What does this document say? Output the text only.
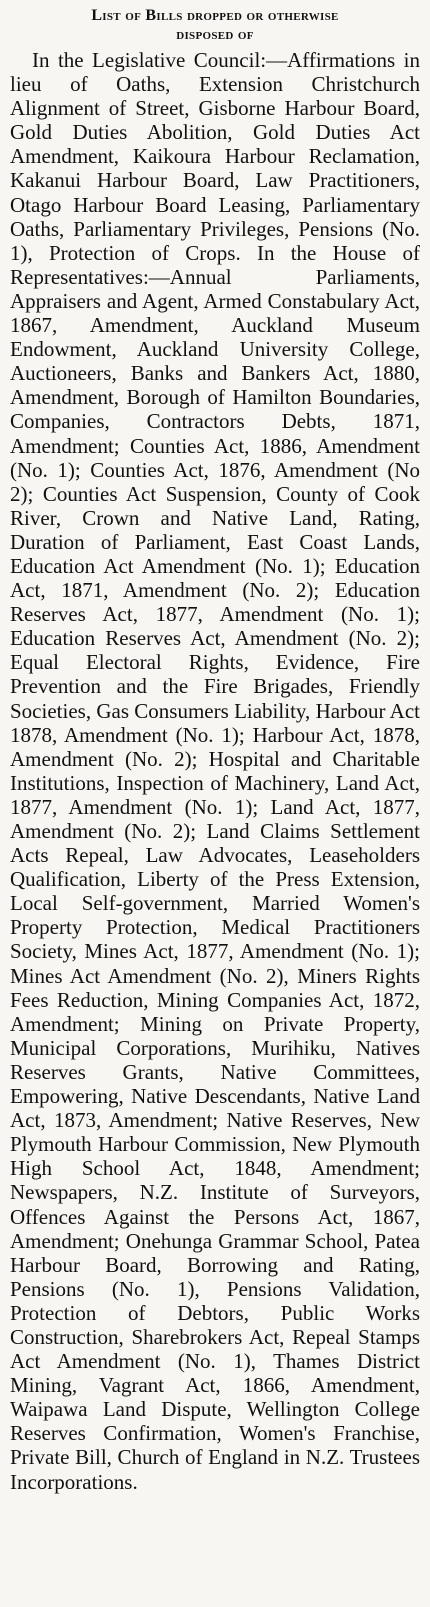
List of Bills dropped or otherwise
disposed of

In the Legislative Council:—Affirmations in lieu of Oaths, Extension Christchurch Alignment of Street, Gisborne Harbour Board, Gold Duties Abolition, Gold Duties Act Amendment, Kaikoura Harbour Reclamation, Kakanui Harbour Board, Law Practitioners, Otago Harbour Board Leasing, Parliamentary Oaths, Parliamentary Privileges, Pensions (No. 1), Protection of Crops. In the House of Representatives:—Annual Parliaments, Appraisers and Agent, Armed Constabulary Act, 1867, Amendment, Auckland Museum Endowment, Auckland University College, Auctioneers, Banks and Bankers Act, 1880, Amendment, Borough of Hamilton Boundaries, Companies, Contractors Debts, 1871, Amendment; Counties Act, 1886, Amendment (No. 1); Counties Act, 1876, Amendment (No 2); Counties Act Suspension, County of Cook River, Crown and Native Land, Rating, Duration of Parliament, East Coast Lands, Education Act Amendment (No. 1); Education Act, 1871, Amendment (No. 2); Education Reserves Act, 1877, Amendment (No. 1); Education Reserves Act, Amendment (No. 2); Equal Electoral Rights, Evidence, Fire Prevention and the Fire Brigades, Friendly Societies, Gas Consumers Liability, Harbour Act 1878, Amendment (No. 1); Harbour Act, 1878, Amendment (No. 2); Hospital and Charitable Institutions, Inspection of Machinery, Land Act, 1877, Amendment (No. 1); Land Act, 1877, Amendment (No. 2); Land Claims Settlement Acts Repeal, Law Advocates, Leaseholders Qualification, Liberty of the Press Extension, Local Self-government, Married Women's Property Protection, Medical Practitioners Society, Mines Act, 1877, Amendment (No. 1); Mines Act Amendment (No. 2), Miners Rights Fees Reduction, Mining Companies Act, 1872, Amendment; Mining on Private Property, Municipal Corporations, Murihiku, Natives Reserves Grants, Native Committees, Empowering, Native Descendants, Native Land Act, 1873, Amendment; Native Reserves, New Plymouth Harbour Commission, New Plymouth High School Act, 1848, Amendment; Newspapers, N.Z. Institute of Surveyors, Offences Against the Persons Act, 1867, Amendment; Onehunga Grammar School, Patea Harbour Board, Borrowing and Rating, Pensions (No. 1), Pensions Validation, Protection of Debtors, Public Works Construction, Sharebrokers Act, Repeal Stamps Act Amendment (No. 1), Thames District Mining, Vagrant Act, 1866, Amendment, Waipawa Land Dispute, Wellington College Reserves Confirmation, Women's Franchise, Private Bill, Church of England in N.Z. Trustees Incorporations.
